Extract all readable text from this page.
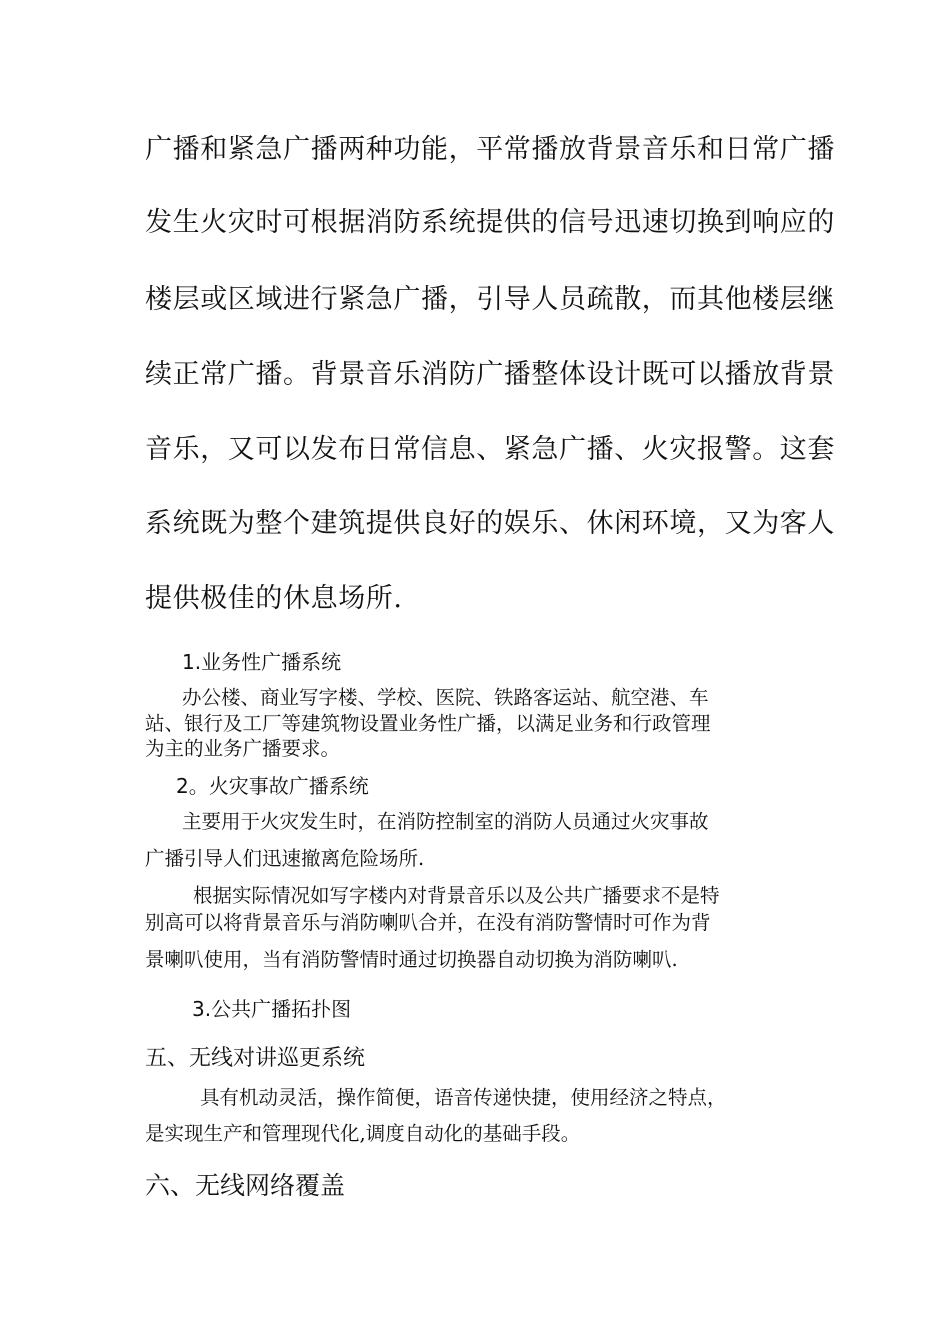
广播和紧急广播两种功能，平常播放背景音乐和日常广播
发生火灾时可根据消防系统提供的信号迅速切换到响应的
楼层或区域进行紧急广播，引导人员疏散，而其他楼层继
续正常广播。背景音乐消防广播整体设计既可以播放背景
音乐，又可以发布日常信息、紧急广播、火灾报警。这套
系统既为整个建筑提供良好的娱乐、休闲环境，又为客人
提供极佳的休息场所.
1.业务性广播系统
办公楼、商业写字楼、学校、医院、铁路客运站、航空港、车
站、银行及工厂等建筑物设置业务性广播，以满足业务和行政管理
为主的业务广播要求。
2。火灾事故广播系统
主要用于火灾发生时，在消防控制室的消防人员通过火灾事故
广播引导人们迅速撤离危险场所.
根据实际情况如写字楼内对背景音乐以及公共广播要求不是特
别高可以将背景音乐与消防喇叭合并，在没有消防警情时可作为背
景喇叭使用，当有消防警情时通过切换器自动切换为消防喇叭.
3.公共广播拓扑图
五、无线对讲巡更系统
具有机动灵活，操作简便，语音传递快捷，使用经济之特点，
是实现生产和管理现代化,调度自动化的基础手段。
六、无线网络覆盖
